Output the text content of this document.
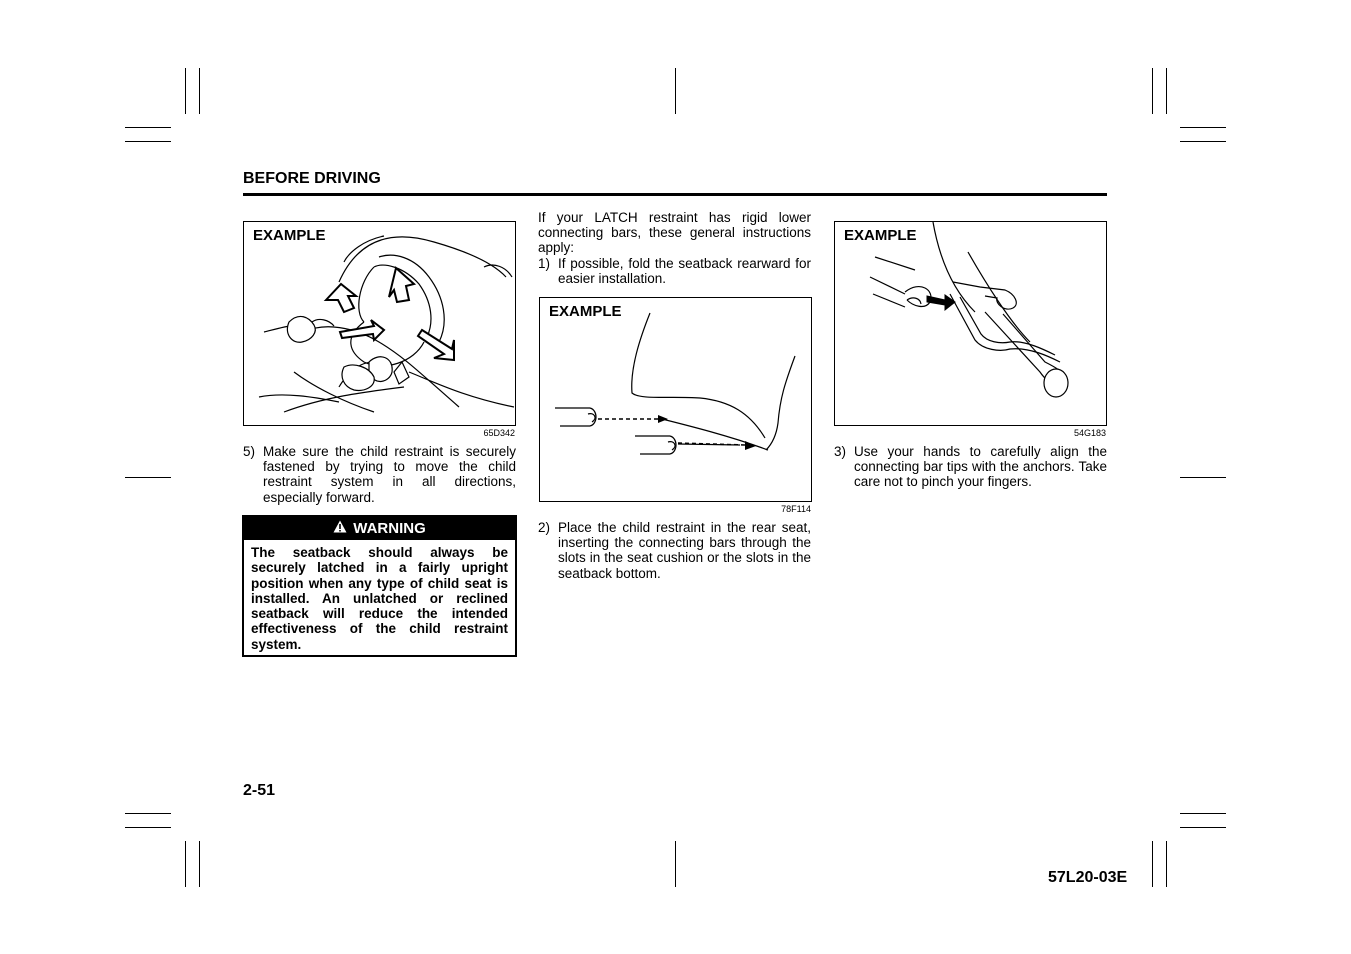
BEFORE DRIVING
EXAMPLE
65D342
5) Make sure the child restraint is securely fastened by trying to move the child restraint system in all directions, especially forward.
WARNING
The seatback should always be securely latched in a fairly upright position when any type of child seat is installed. An unlatched or reclined seatback will reduce the intended effectiveness of the child restraint system.
If your LATCH restraint has rigid lower connecting bars, these general instructions apply:
1) If possible, fold the seatback rearward for easier installation.
EXAMPLE
78F114
2) Place the child restraint in the rear seat, inserting the connecting bars through the slots in the seat cushion or the slots in the seatback bottom.
EXAMPLE
54G183
3) Use your hands to carefully align the connecting bar tips with the anchors. Take care not to pinch your fingers.
2-51
57L20-03E
